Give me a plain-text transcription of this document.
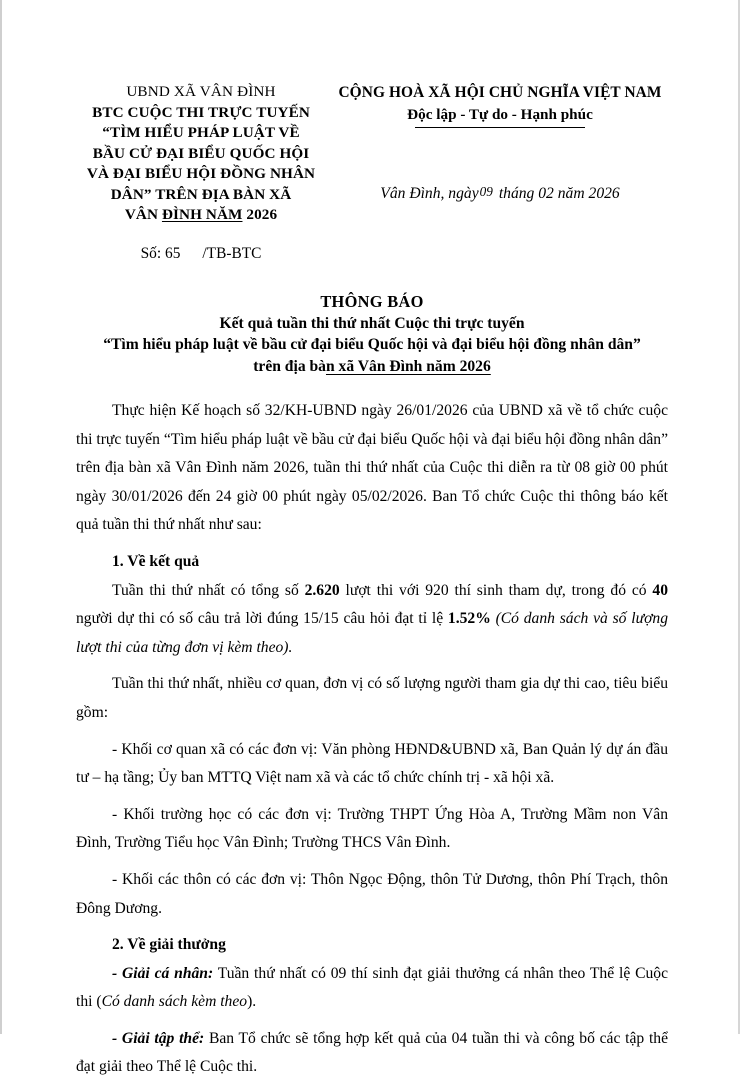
UBND XÃ VÂN ĐÌNH
BTC CUỘC THI TRỰC TUYẾN
“TÌM HIỂU PHÁP LUẬT VỀ
BẦU CỬ ĐẠI BIỂU QUỐC HỘI
VÀ ĐẠI BIỂU HỘI ĐỒNG NHÂN
DÂN” TRÊN ĐỊA BÀN XÃ
VÂN ĐÌNH NĂM 2026
Số: 65 /TB-BTC
CỘNG HOÀ XÃ HỘI CHỦ NGHĨA VIỆT NAM
Độc lập - Tự do - Hạnh phúc
Vân Đình, ngày09 tháng 02 năm 2026
THÔNG BÁO
Kết quả tuần thi thứ nhất Cuộc thi trực tuyến
“Tìm hiểu pháp luật về bầu cử đại biểu Quốc hội và đại biểu hội đồng nhân dân”
trên địa bàn xã Vân Đình năm 2026

Thực hiện Kế hoạch số 32/KH-UBND ngày 26/01/2026 của UBND xã về tổ chức cuộc thi trực tuyến “Tìm hiểu pháp luật về bầu cử đại biểu Quốc hội và đại biểu hội đồng nhân dân” trên địa bàn xã Vân Đình năm 2026, tuần thi thứ nhất của Cuộc thi diễn ra từ 08 giờ 00 phút ngày 30/01/2026 đến 24 giờ 00 phút ngày 05/02/2026. Ban Tổ chức Cuộc thi thông báo kết quả tuần thi thứ nhất như sau:

1. Về kết quả

Tuần thi thứ nhất có tổng số 2.620 lượt thi với 920 thí sinh tham dự, trong đó có 40 người dự thi có số câu trả lời đúng 15/15 câu hỏi đạt tỉ lệ 1.52% (Có danh sách và số lượng lượt thi của từng đơn vị kèm theo).

Tuần thi thứ nhất, nhiều cơ quan, đơn vị có số lượng người tham gia dự thi cao, tiêu biểu gồm:

- Khối cơ quan xã có các đơn vị: Văn phòng HĐND&UBND xã, Ban Quản lý dự án đầu tư – hạ tầng; Ủy ban MTTQ Việt nam xã và các tổ chức chính trị - xã hội xã.

- Khối trường học có các đơn vị: Trường THPT Ứng Hòa A, Trường Mầm non Vân Đình, Trường Tiểu học Vân Đình; Trường THCS Vân Đình.

- Khối các thôn có các đơn vị: Thôn Ngọc Động, thôn Tử Dương, thôn Phí Trạch, thôn Đông Dương.

2. Về giải thưởng

- Giải cá nhân: Tuần thứ nhất có 09 thí sinh đạt giải thưởng cá nhân theo Thể lệ Cuộc thi (Có danh sách kèm theo).

- Giải tập thể: Ban Tổ chức sẽ tổng hợp kết quả của 04 tuần thi và công bố các tập thể đạt giải theo Thể lệ Cuộc thi.
